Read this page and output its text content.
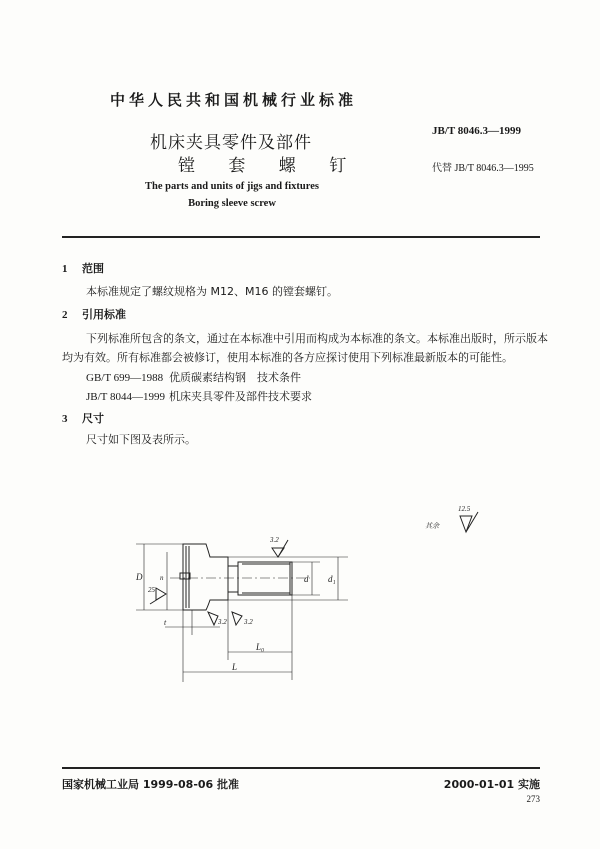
中华人民共和国机械行业标准
机床夹具零件及部件
镗 套 螺 钉
JB/T 8046.3—1999
代替 JB/T 8046.3—1995
The parts and units of jigs and fixtures
Boring sleeve screw
1 范围
本标准规定了螺纹规格为 M12、M16 的镗套螺钉。
2 引用标准
下列标准所包含的条文，通过在本标准中引用而构成为本标准的条文。本标准出版时，所示版本
均为有效。所有标准都会被修订，使用本标准的各方应探讨使用下列标准最新版本的可能性。
GB/T 699—1988 优质碳素结构钢　技术条件
JB/T 8044—1999 机床夹具零件及部件技术要求
3 尺寸
尺寸如下图及表所示。
12.5
其余
3.2
25
3.2 3.2
D	n	d d₁
t
L₀
L
国家机械工业局 1999-08-06 批准	2000-01-01 实施
273
